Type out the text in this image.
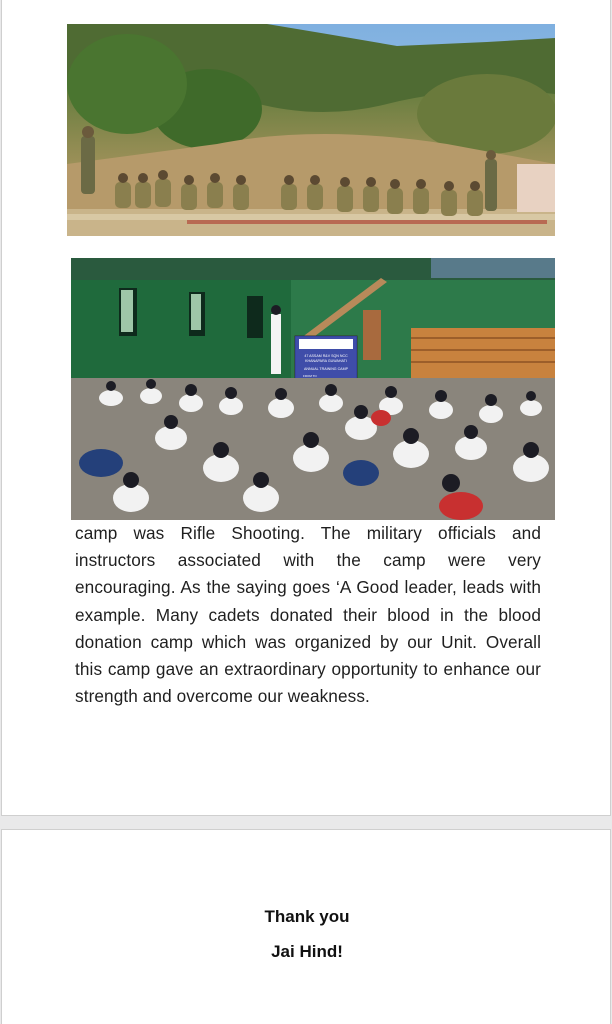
47 ASSAM R&V SQN NCC
KHANAPARA GUWAHATI
ANNUAL TRAINING CAMP
FROM TO
camp was Rifle Shooting. The military officials and instructors associated with the camp were very encouraging. As the saying goes ‘A Good leader, leads with example. Many cadets donated their blood in the blood donation camp which was organized by our Unit. Overall this camp gave an extraordinary opportunity to enhance our strength and overcome our weakness.
Thank you
Jai Hind!
